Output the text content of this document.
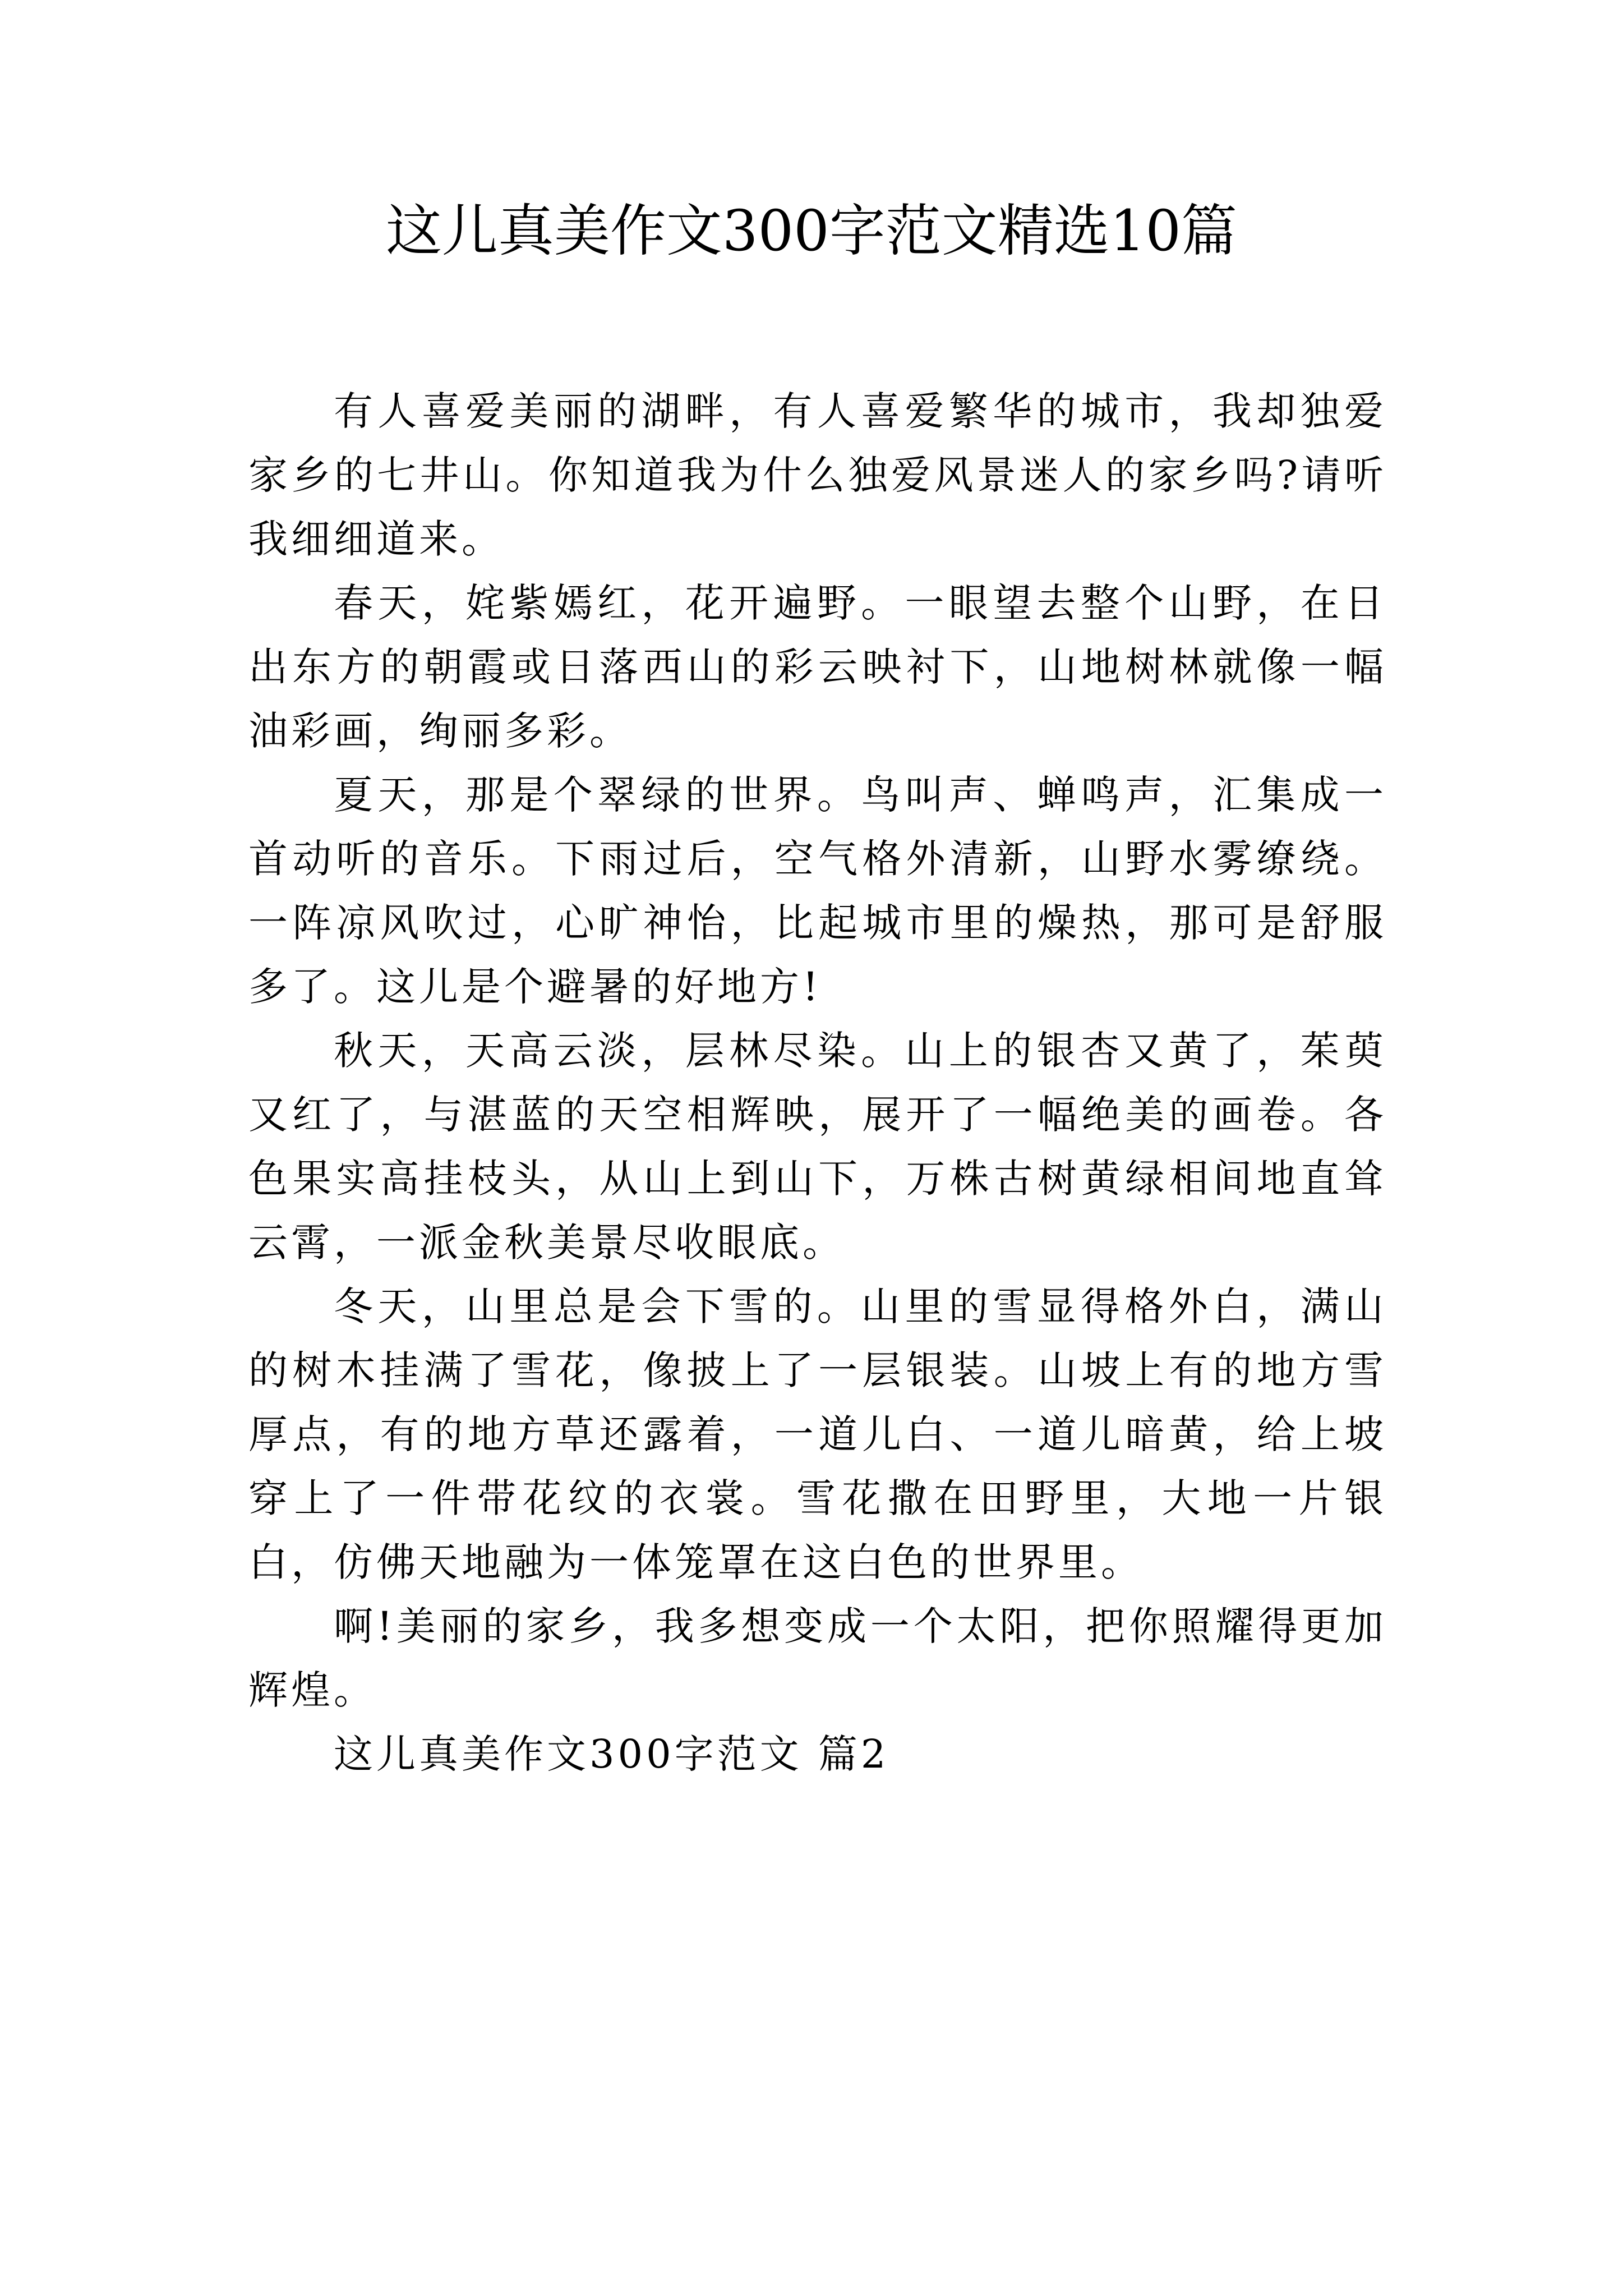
这儿真美作文300字范文精选10篇

有人喜爱美丽的湖畔，有人喜爱繁华的城市，我却独爱家乡的七井山。你知道我为什么独爱风景迷人的家乡吗?请听我细细道来。

春天，姹紫嫣红，花开遍野。一眼望去整个山野，在日出东方的朝霞或日落西山的彩云映衬下，山地树林就像一幅油彩画，绚丽多彩。

夏天，那是个翠绿的世界。鸟叫声、蝉鸣声，汇集成一首动听的音乐。下雨过后，空气格外清新，山野水雾缭绕。一阵凉风吹过，心旷神怡，比起城市里的燥热，那可是舒服多了。这儿是个避暑的好地方!

秋天，天高云淡，层林尽染。山上的银杏又黄了，茱萸又红了，与湛蓝的天空相辉映，展开了一幅绝美的画卷。各色果实高挂枝头，从山上到山下，万株古树黄绿相间地直耸云霄，一派金秋美景尽收眼底。

冬天，山里总是会下雪的。山里的雪显得格外白，满山的树木挂满了雪花，像披上了一层银装。山坡上有的地方雪厚点，有的地方草还露着，一道儿白、一道儿暗黄，给上坡穿上了一件带花纹的衣裳。雪花撒在田野里，大地一片银白，仿佛天地融为一体笼罩在这白色的世界里。

啊!美丽的家乡，我多想变成一个太阳，把你照耀得更加辉煌。

这儿真美作文300字范文 篇2
